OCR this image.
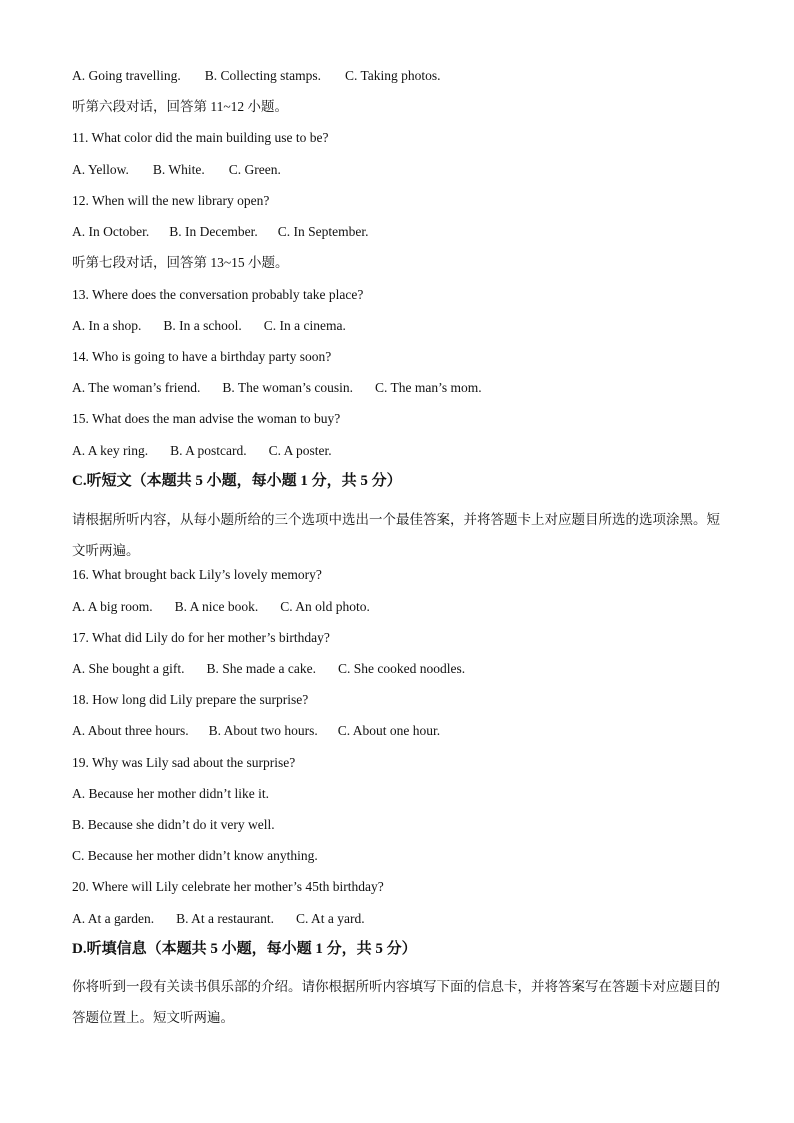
A. Going travelling. B. Collecting stamps. C. Taking photos.
听第六段对话，回答第 11~12 小题。
11. What color did the main building use to be?
A. Yellow. B. White. C. Green.
12. When will the new library open?
A. In October. B. In December. C. In September.
听第七段对话，回答第 13~15 小题。
13. Where does the conversation probably take place?
A. In a shop. B. In a school. C. In a cinema.
14. Who is going to have a birthday party soon?
A. The woman’s friend. B. The woman’s cousin. C. The man’s mom.
15. What does the man advise the woman to buy?
A. A key ring. B. A postcard. C. A poster.
C.听短文（本题共 5 小题，每小题 1 分，共 5 分）
请根据所听内容，从每小题所给的三个选项中选出一个最佳答案，并将答题卡上对应题目所选的选项涂黑。短文听两遍。
16. What brought back Lily’s lovely memory?
A. A big room. B. A nice book. C. An old photo.
17. What did Lily do for her mother’s birthday?
A. She bought a gift. B. She made a cake. C. She cooked noodles.
18. How long did Lily prepare the surprise?
A. About three hours. B. About two hours. C. About one hour.
19. Why was Lily sad about the surprise?
A. Because her mother didn’t like it.
B. Because she didn’t do it very well.
C. Because her mother didn’t know anything.
20. Where will Lily celebrate her mother’s 45th birthday?
A. At a garden. B. At a restaurant. C. At a yard.
D.听填信息（本题共 5 小题，每小题 1 分，共 5 分）
你将听到一段有关读书俱乐部的介绍。请你根据所听内容填写下面的信息卡，并将答案写在答题卡对应题目的答题位置上。短文听两遍。
